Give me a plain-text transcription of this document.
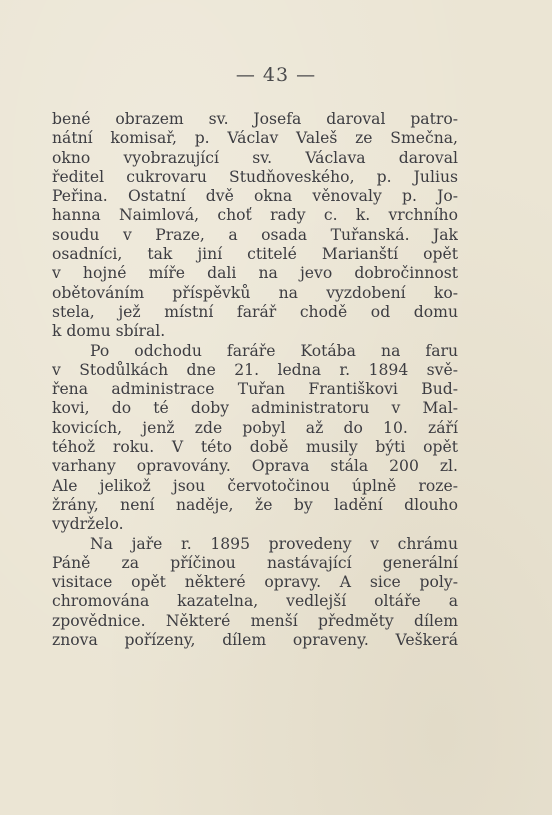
— 43 —
bené obrazem sv. Josefa daroval patro-
nátní komisař, p. Václav Valeš ze Smečna,
okno vyobrazující sv. Václava daroval
ředitel cukrovaru Studňoveského, p. Julius
Peřina. Ostatní dvě okna věnovaly p. Jo-
hanna Naimlová, choť rady c. k. vrchního
soudu v Praze, a osada Tuřanská. Jak
osadníci, tak jiní ctitelé Marianští opět
v hojné míře dali na jevo dobročinnost
obětováním příspěvků na vyzdobení ko-
stela, jež místní farář chodě od domu
k domu sbíral.
Po odchodu faráře Kotába na faru
v Stodůlkách dne 21. ledna r. 1894 svě-
řena administrace Tuřan Františkovi Bud-
kovi, do té doby administratoru v Mal-
kovicích, jenž zde pobyl až do 10. září
téhož roku. V této době musily býti opět
varhany opravovány. Oprava stála 200 zl.
Ale jelikož jsou červotočinou úplně roze-
žrány, není naděje, že by ladění dlouho
vydrželo.
Na jaře r. 1895 provedeny v chrámu
Páně za příčinou nastávající generální
visitace opět některé opravy. A sice poly-
chromována kazatelna, vedlejší oltáře a
zpovědnice. Některé menší předměty dílem
znova pořízeny, dílem opraveny. Veškerá
